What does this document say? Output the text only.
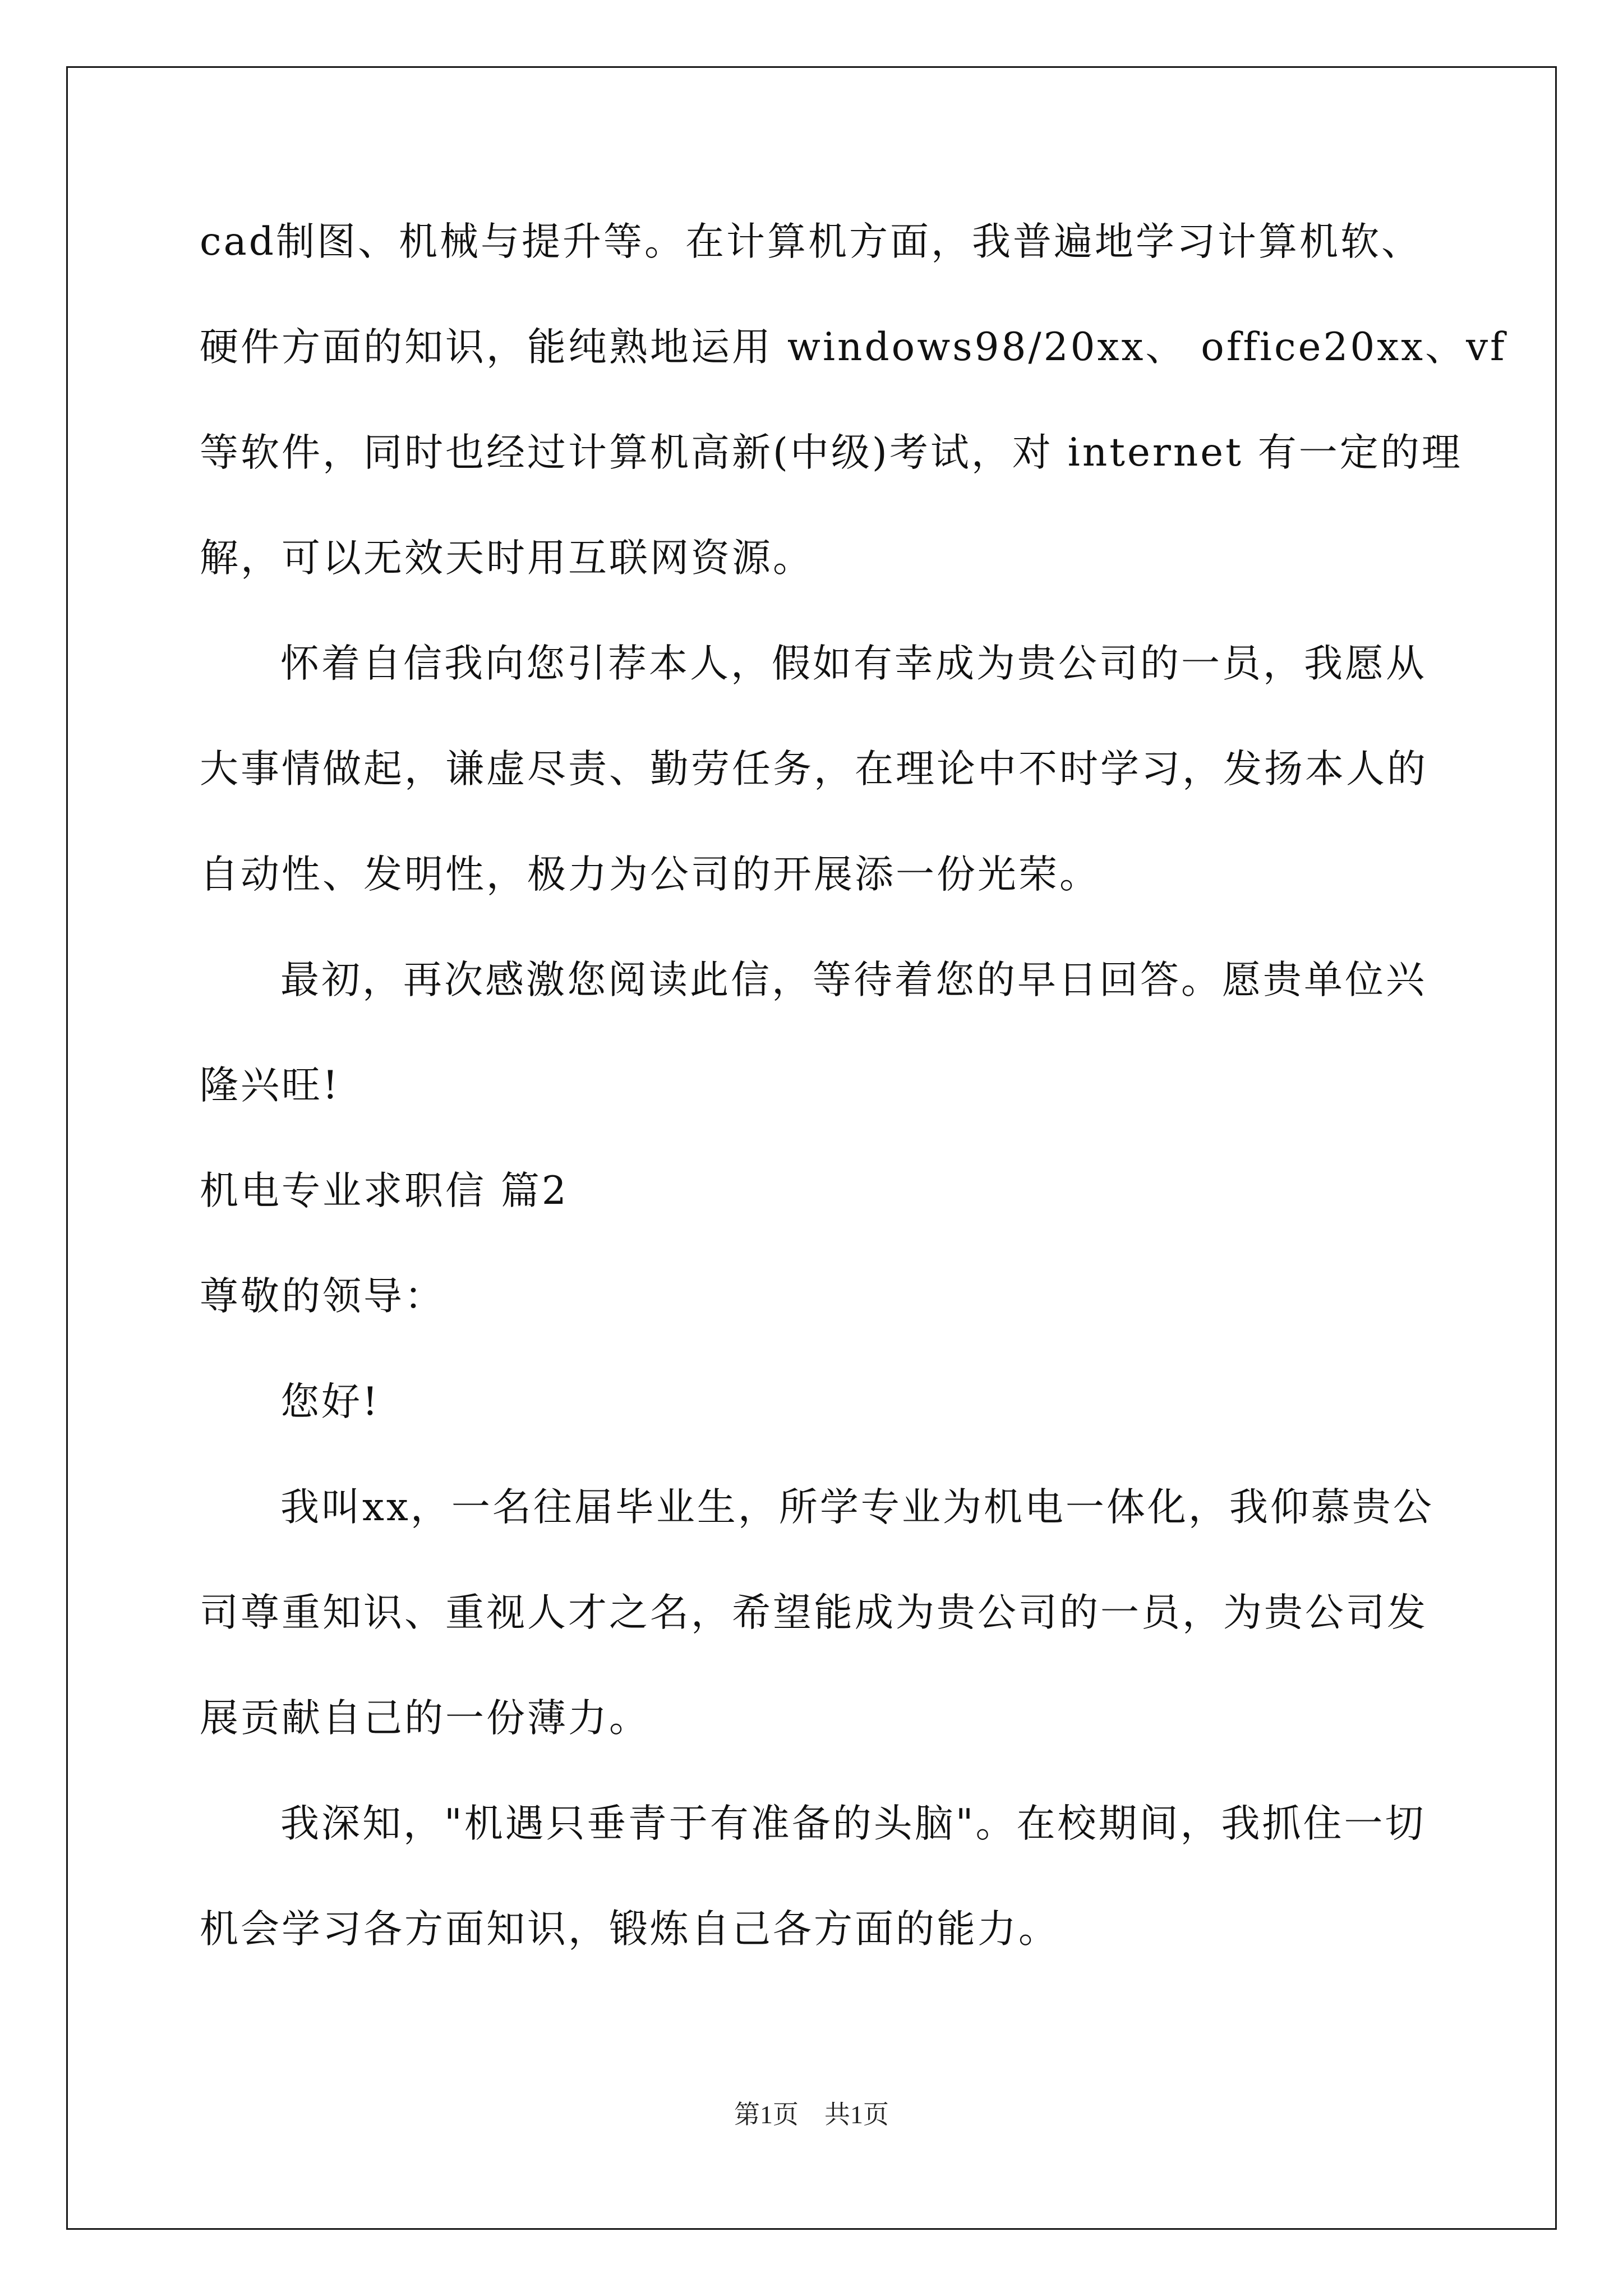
cad制图、机械与提升等。在计算机方面，我普遍地学习计算机软、
硬件方面的知识，能纯熟地运用 windows98/20xx、 office20xx、vf
等软件，同时也经过计算机高新(中级)考试，对 internet 有一定的理
解，可以无效天时用互联网资源。
怀着自信我向您引荐本人，假如有幸成为贵公司的一员，我愿从
大事情做起，谦虚尽责、勤劳任务，在理论中不时学习，发扬本人的
自动性、发明性，极力为公司的开展添一份光荣。
最初，再次感激您阅读此信，等待着您的早日回答。愿贵单位兴
隆兴旺!
机电专业求职信 篇2
尊敬的领导：
您好!
我叫xx，一名往届毕业生，所学专业为机电一体化，我仰慕贵公
司尊重知识、重视人才之名，希望能成为贵公司的一员，为贵公司发
展贡献自己的一份薄力。
我深知，"机遇只垂青于有准备的头脑"。在校期间，我抓住一切
机会学习各方面知识，锻炼自己各方面的能力。
第1页　共1页
